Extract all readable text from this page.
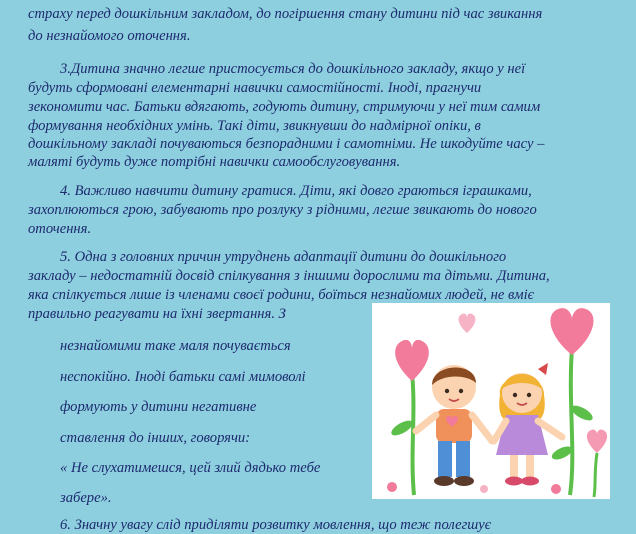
страху перед дошкільним закладом, до погіршення стану дитини під час звикання
до незнайомого оточення.
3.Дитина значно легше пристосується до дошкільного закладу, якщо у неї
будуть сформовані елементарні навички самостійності. Іноді, прагнучи
зекономити час. Батьки вдягають, годують дитину, стримуючи у неї тим самим
формування необхідних умінь. Такі діти, звикнувши до надмірної опіки, в
дошкільному закладі почуваються безпорадними і самотніми. Не шкодуйте часу –
маляті будуть дуже потрібні навички самообслуговування.
4. Важливо навчити дитину гратися. Діти, які довго граються іграшками,
захоплюються грою, забувають про розлуку з рідними, легше звикають до нового
оточення.
5. Одна з головних причин утруднень адаптації дитини до дошкільного
закладу – недостатній досвід спілкування з іншими дорослими та дітьми. Дитина,
яка спілкується лише із членами своєї родини, боїться незнайомих людей, не вміє
правильно реагувати на їхні звертання. З
незнайомими таке маля почувається
неспокійно. Іноді батьки самі мимоволі
формують у дитини негативне
ставлення до інших, говорячи:
« Не слухатимешся, цей злий дядько тебе
забере».
6. Значну увагу слід приділяти розвитку мовлення, що теж полегшує
